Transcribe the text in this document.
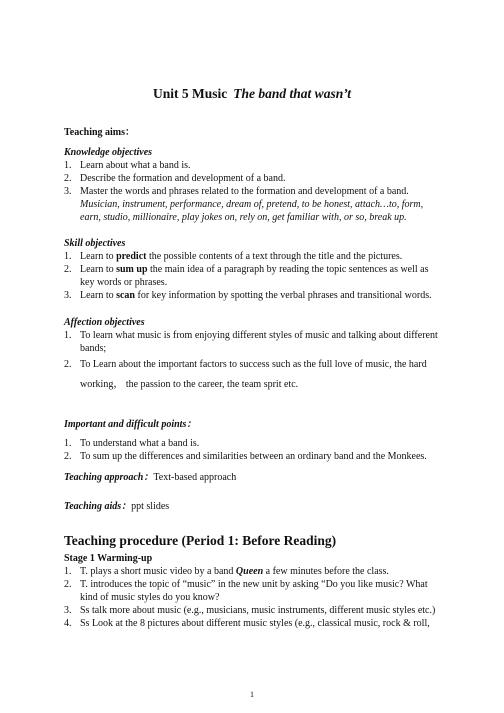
Unit 5 Music The band that wasn’t
Teaching aims：
Knowledge objectives
1. Learn about what a band is.
2. Describe the formation and development of a band.
3. Master the words and phrases related to the formation and development of a band.
Musician, instrument, performance, dream of, pretend, to be honest, attach…to, form, earn, studio, millionaire, play jokes on, rely on, get familiar with, or so, break up.
Skill objectives
1. Learn to predict the possible contents of a text through the title and the pictures.
2. Learn to sum up the main idea of a paragraph by reading the topic sentences as well as key words or phrases.
3. Learn to scan for key information by spotting the verbal phrases and transitional words.
Affection objectives
1. To learn what music is from enjoying different styles of music and talking about different bands;
2. To Learn about the important factors to success such as the full love of music, the hard working， the passion to the career, the team sprit etc.
Important and difficult points：
1. To understand what a band is.
2. To sum up the differences and similarities between an ordinary band and the Monkees.
Teaching approach：Text-based approach
Teaching aids：ppt slides
Teaching procedure (Period 1: Before Reading)
Stage 1 Warming-up
1. T. plays a short music video by a band Queen a few minutes before the class.
2. T. introduces the topic of “music” in the new unit by asking “Do you like music? What kind of music styles do you know?
3. Ss talk more about music (e.g., musicians, music instruments, different music styles etc.)
4. Ss Look at the 8 pictures about different music styles (e.g., classical music, rock & roll,
1
